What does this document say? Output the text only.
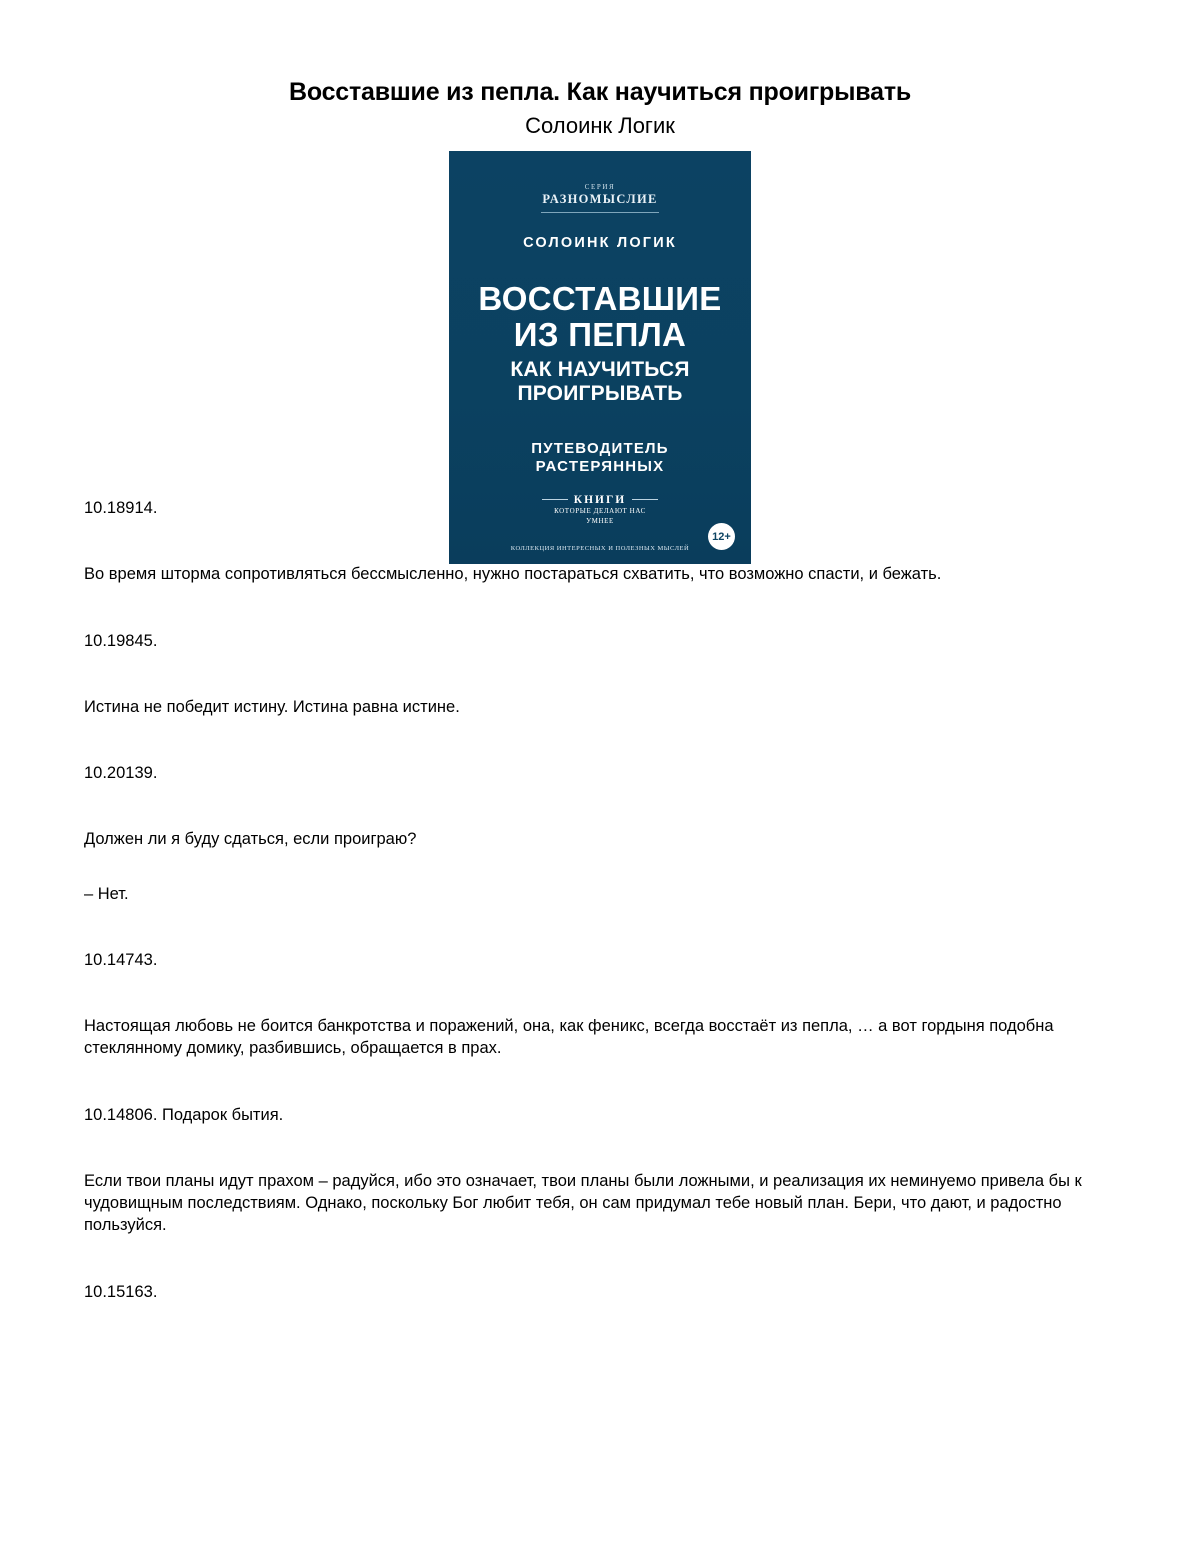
Восставшие из пепла. Как научиться проигрывать
Солоинк Логик
СЕРИЯ
РАЗНОМЫСЛИЕ
СОЛОИНК ЛОГИК
ВОССТАВШИЕ
ИЗ ПЕПЛА
КАК НАУЧИТЬСЯ
ПРОИГРЫВАТЬ
ПУТЕВОДИТЕЛЬ
РАСТЕРЯННЫХ
КНИГИ
КОТОРЫЕ ДЕЛАЮТ НАС
УМНЕЕ
КОЛЛЕКЦИЯ ИНТЕРЕСНЫХ И ПОЛЕЗНЫХ МЫСЛЕЙ
12+
10.18914.

Во время шторма сопротивляться бессмысленно, нужно постараться схватить, что возможно спасти, и бежать.

10.19845.

Истина не победит истину. Истина равна истине.

10.20139.

Должен ли я буду сдаться, если проиграю?

– Нет.

10.14743.

Настоящая любовь не боится банкротства и поражений, она, как феникс, всегда восстаёт из пепла, … а вот гордыня подобна стеклянному домику, разбившись, обращается в прах.

10.14806. Подарок бытия.

Если твои планы идут прахом – радуйся, ибо это означает, твои планы были ложными, и реализация их неминуемо привела бы к чудовищным последствиям. Однако, поскольку Бог любит тебя, он сам придумал тебе новый план. Бери, что дают, и радостно пользуйся.

10.15163.
